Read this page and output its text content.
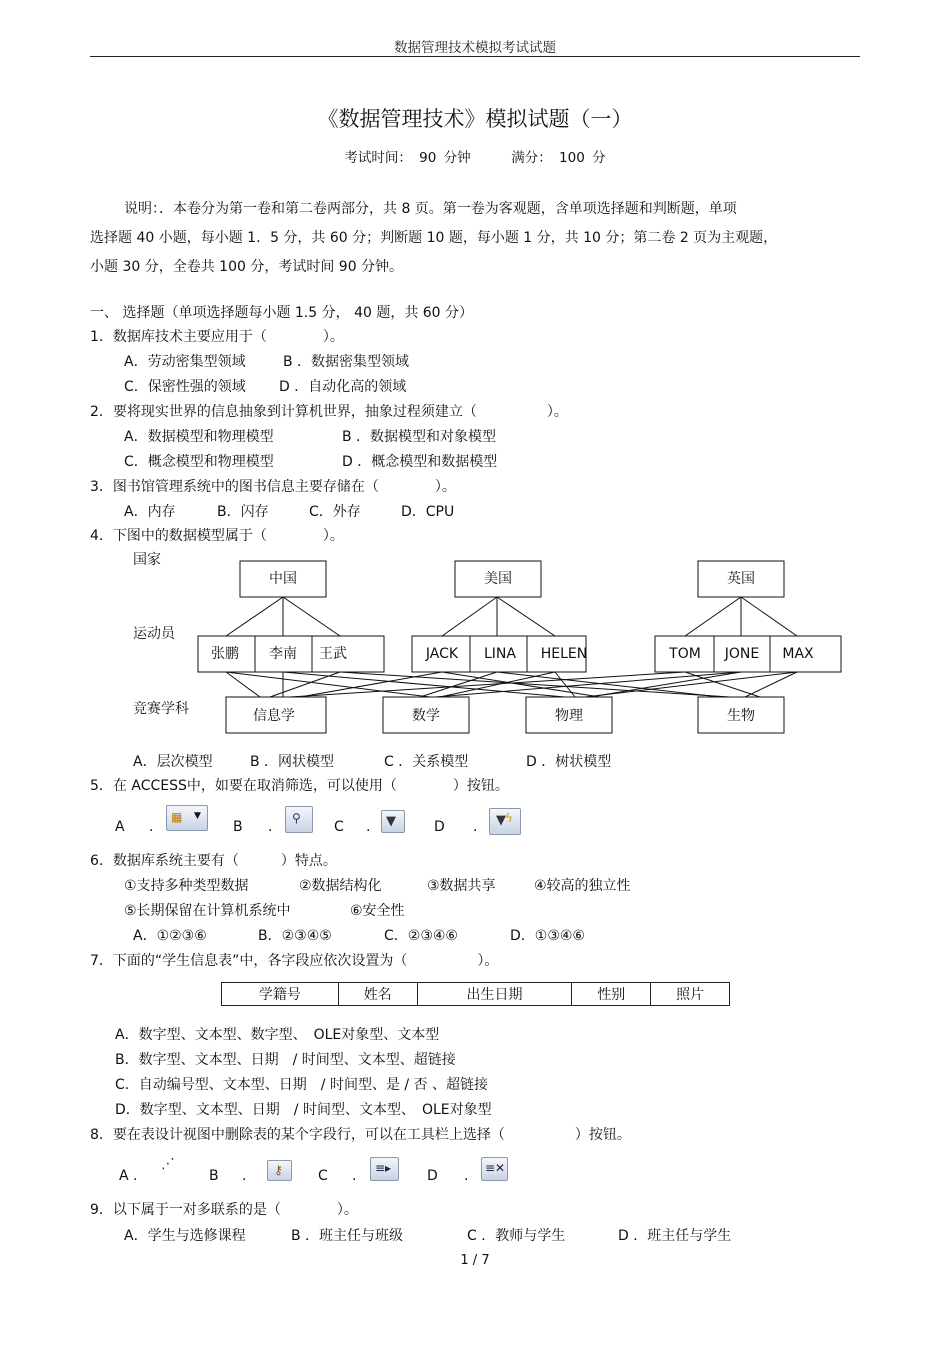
数据管理技术模拟考试试题
《数据管理技术》模拟试题（一）
考试时间： 90 分钟	满分： 100 分
说明：．本卷分为第一卷和第二卷两部分，共 8 页。第一卷为客观题，含单项选择题和判断题，单项
选择题 40 小题，每小题 1．5 分，共 60 分；判断题 10 题，每小题 1 分，共 10 分；第二卷 2 页为主观题，
小题 30 分，全卷共 100 分，考试时间 90 分钟。
一、 选择题（单项选择题每小题 1.5 分， 40 题，共 60 分）
1．数据库技术主要应用于（　　　　）。
A．劳动密集型领域	B ．数据密集型领域
C．保密性强的领域 D ．自动化高的领域
2．要将现实世界的信息抽象到计算机世界，抽象过程须建立（　　　　　）。
A．数据模型和物理模型	B ．数据模型和对象模型
C．概念模型和物理模型	D ．概念模型和数据模型
3．图书馆管理系统中的图书信息主要存储在（　　　　）。
A．内存	B．闪存	C．外存	D．CPU
4．下图中的数据模型属于（　　　　）。
国家
运动员
竞赛学科
中国	美国	英国
张鹏 李南 王武	JACK LINA HELEN	TOM JONE MAX
信息学	数学	物理	生物
A．层次模型	B ．网状模型	C ．关系模型	D ．树状模型
5．在 ACCESS中，如要在取消筛选，可以使用（　　　　）按钮。
A .
▦ ▼
B .
⚲
C . ▼	D . ▼ ϟ
6．数据库系统主要有（　　　）特点。
①支持多种类型数据	②数据结构化	③数据共享	④较高的独立性
⑤长期保留在计算机系统中	⑥安全性
A．①②③⑥	B．②③④⑤	C．②③④⑥	D．①③④⑥
7．下面的“学生信息表”中，各字段应依次设置为（　　　　　）。
学籍号	姓名	出生日期	性别	照片
A．数字型、文本型、数字型、　OLE对象型、文本型
B．数字型、文本型、日期　/ 时间型、文本型、超链接
C．自动编号型、文本型、日期　/ 时间型、是 / 否 、超链接
D．数字型、文本型、日期　/ 时间型、文本型、　OLE对象型
8．要在表设计视图中删除表的某个字段行，可以在工具栏上选择（　　　　　）按钮。
A .
⋰
B . ⚷	C . ≡▸	D . ≡✕
9．以下属于一对多联系的是（　　　　）。
A．学生与选修课程	B ．班主任与班级	C ．教师与学生	D ．班主任与学生
1 / 7
